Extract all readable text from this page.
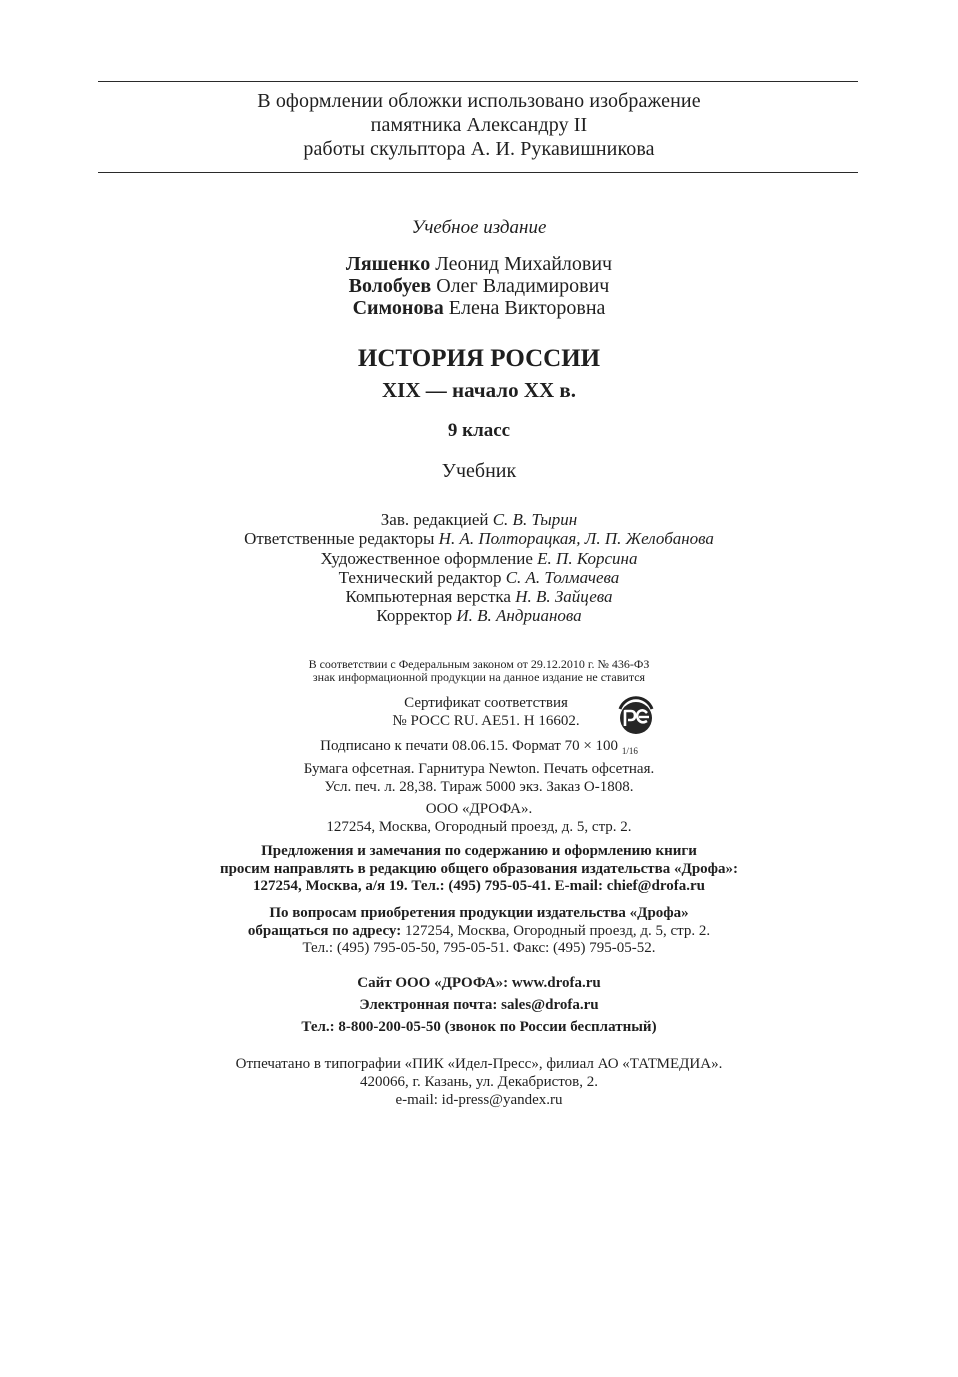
В оформлении обложки использовано изображение
памятника Александру II
работы скульптора А. И. Рукавишникова
Учебное издание
Ляшенко Леонид Михайлович
Волобуев Олег Владимирович
Симонова Елена Викторовна
ИСТОРИЯ РОССИИ
XIX — начало XX в.
9 класс
Учебник
Зав. редакцией С. В. Тырин
Ответственные редакторы Н. А. Полторацкая, Л. П. Желобанова
Художественное оформление Е. П. Корсина
Технический редактор С. А. Толмачева
Компьютерная верстка Н. В. Зайцева
Корректор И. В. Андрианова
В соответствии с Федеральным законом от 29.12.2010 г. № 436-ФЗ
знак информационной продукции на данное издание не ставится
Сертификат соответствия
№ РОСС RU. AE51. Н 16602.
Подписано к печати 08.06.15. Формат 70 × 100 $_{1/16}$
Бумага офсетная. Гарнитура Newton. Печать офсетная.
Усл. печ. л. 28,38. Тираж 5000 экз. Заказ О-1808.
ООО «ДРОФА».
127254, Москва, Огородный проезд, д. 5, стр. 2.
Предложения и замечания по содержанию и оформлению книги
просим направлять в редакцию общего образования издательства «Дрофа»:
127254, Москва, а/я 19. Тел.: (495) 795-05-41. E-mail: chief@drofa.ru
По вопросам приобретения продукции издательства «Дрофа»
обращаться по адресу: 127254, Москва, Огородный проезд, д. 5, стр. 2.
Тел.: (495) 795-05-50, 795-05-51. Факс: (495) 795-05-52.
Сайт ООО «ДРОФА»: www.drofa.ru
Электронная почта: sales@drofa.ru
Тел.: 8-800-200-05-50 (звонок по России бесплатный)
Отпечатано в типографии «ПИК «Идел-Пресс», филиал АО «ТАТМЕДИА».
420066, г. Казань, ул. Декабристов, 2.
e-mail: id-press@yandex.ru
